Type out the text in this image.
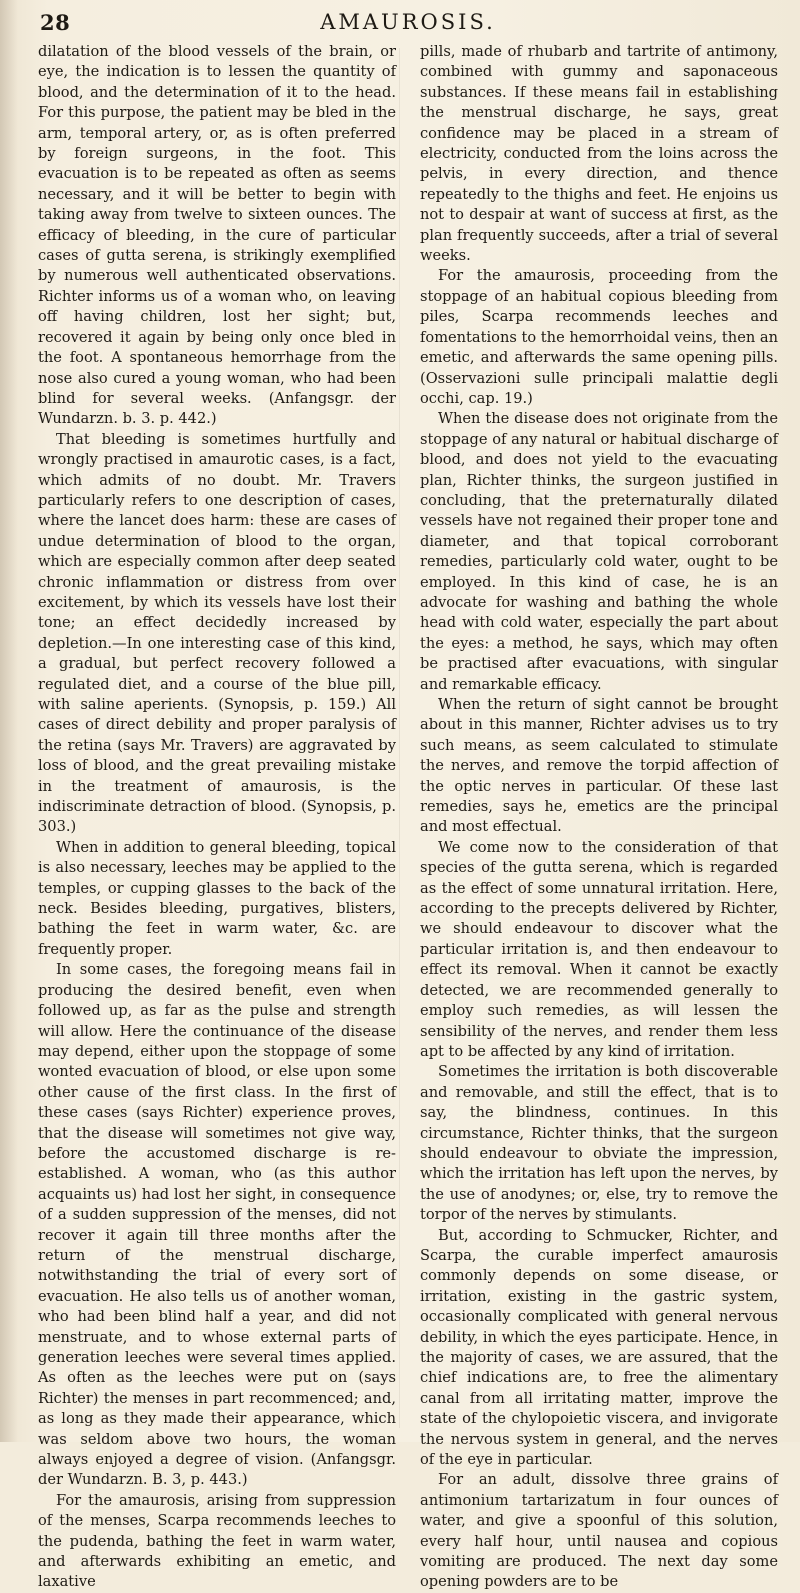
28	AMAUROSIS.

dilatation of the blood vessels of the brain, or eye, the indication is to lessen the quantity of blood, and the determination of it to the head. For this purpose, the patient may be bled in the arm, temporal artery, or, as is often preferred by foreign surgeons, in the foot. This evacuation is to be repeated as often as seems necessary, and it will be better to begin with taking away from twelve to sixteen ounces. The efficacy of bleeding, in the cure of particular cases of gutta serena, is strikingly exemplified by numerous well authenticated observations. Richter informs us of a woman who, on leaving off having children, lost her sight; but, recovered it again by being only once bled in the foot. A spontaneous hemorrhage from the nose also cured a young woman, who had been blind for several weeks. (Anfangsgr. der Wundarzn. b. 3. p. 442.)

That bleeding is sometimes hurtfully and wrongly practised in amaurotic cases, is a fact, which admits of no doubt. Mr. Travers particularly refers to one description of cases, where the lancet does harm: these are cases of undue determination of blood to the organ, which are especially common after deep seated chronic inflammation or distress from over excitement, by which its vessels have lost their tone; an effect decidedly increased by depletion.—In one interesting case of this kind, a gradual, but perfect recovery followed a regulated diet, and a course of the blue pill, with saline aperients. (Synopsis, p. 159.) All cases of direct debility and proper paralysis of the retina (says Mr. Travers) are aggravated by loss of blood, and the great prevailing mistake in the treatment of amaurosis, is the indiscriminate detraction of blood. (Synopsis, p. 303.)

When in addition to general bleeding, topical is also necessary, leeches may be applied to the temples, or cupping glasses to the back of the neck. Besides bleeding, purgatives, blisters, bathing the feet in warm water, &c. are frequently proper.

In some cases, the foregoing means fail in producing the desired benefit, even when followed up, as far as the pulse and strength will allow. Here the continuance of the disease may depend, either upon the stoppage of some wonted evacuation of blood, or else upon some other cause of the first class. In the first of these cases (says Richter) experience proves, that the disease will sometimes not give way, before the accustomed discharge is re-established. A woman, who (as this author acquaints us) had lost her sight, in consequence of a sudden suppression of the menses, did not recover it again till three months after the return of the menstrual discharge, notwithstanding the trial of every sort of evacuation. He also tells us of another woman, who had been blind half a year, and did not menstruate, and to whose external parts of generation leeches were several times applied. As often as the leeches were put on (says Richter) the menses in part recommenced; and, as long as they made their appearance, which was seldom above two hours, the woman always enjoyed a degree of vision. (Anfangsgr. der Wundarzn. B. 3, p. 443.)

For the amaurosis, arising from suppression of the menses, Scarpa recommends leeches to the pudenda, bathing the feet in warm water, and afterwards exhibiting an emetic, and laxative

pills, made of rhubarb and tartrite of antimony, combined with gummy and saponaceous substances. If these means fail in establishing the menstrual discharge, he says, great confidence may be placed in a stream of electricity, conducted from the loins across the pelvis, in every direction, and thence repeatedly to the thighs and feet. He enjoins us not to despair at want of success at first, as the plan frequently succeeds, after a trial of several weeks.

For the amaurosis, proceeding from the stoppage of an habitual copious bleeding from piles, Scarpa recommends leeches and fomentations to the hemorrhoidal veins, then an emetic, and afterwards the same opening pills. (Osservazioni sulle principali malattie degli occhi, cap. 19.)

When the disease does not originate from the stoppage of any natural or habitual discharge of blood, and does not yield to the evacuating plan, Richter thinks, the surgeon justified in concluding, that the preternaturally dilated vessels have not regained their proper tone and diameter, and that topical corroborant remedies, particularly cold water, ought to be employed. In this kind of case, he is an advocate for washing and bathing the whole head with cold water, especially the part about the eyes: a method, he says, which may often be practised after evacuations, with singular and remarkable efficacy.

When the return of sight cannot be brought about in this manner, Richter advises us to try such means, as seem calculated to stimulate the nerves, and remove the torpid affection of the optic nerves in particular. Of these last remedies, says he, emetics are the principal and most effectual.

We come now to the consideration of that species of the gutta serena, which is regarded as the effect of some unnatural irritation. Here, according to the precepts delivered by Richter, we should endeavour to discover what the particular irritation is, and then endeavour to effect its removal. When it cannot be exactly detected, we are recommended generally to employ such remedies, as will lessen the sensibility of the nerves, and render them less apt to be affected by any kind of irritation.

Sometimes the irritation is both discoverable and removable, and still the effect, that is to say, the blindness, continues. In this circumstance, Richter thinks, that the surgeon should endeavour to obviate the impression, which the irritation has left upon the nerves, by the use of anodynes; or, else, try to remove the torpor of the nerves by stimulants.

But, according to Schmucker, Richter, and Scarpa, the curable imperfect amaurosis commonly depends on some disease, or irritation, existing in the gastric system, occasionally complicated with general nervous debility, in which the eyes participate. Hence, in the majority of cases, we are assured, that the chief indications are, to free the alimentary canal from all irritating matter, improve the state of the chylopoietic viscera, and invigorate the nervous system in general, and the nerves of the eye in particular.

For an adult, dissolve three grains of antimonium tartarizatum in four ounces of water, and give a spoonful of this solution, every half hour, until nausea and copious vomiting are produced. The next day some opening powders are to be
